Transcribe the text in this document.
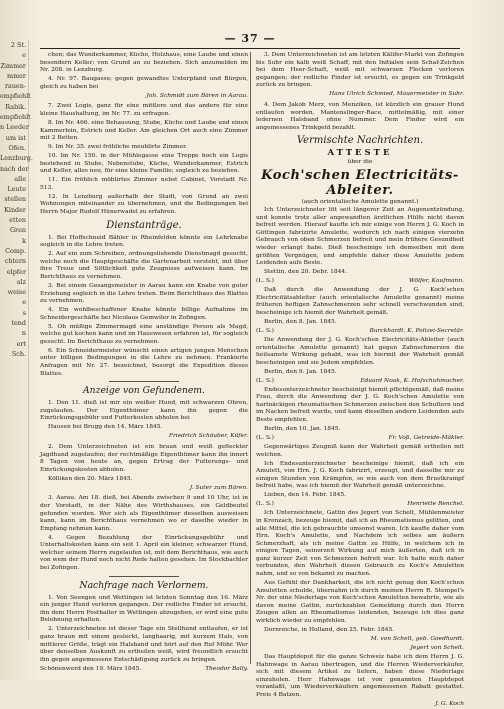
2 St.
e
Zimmer
mmer
rauen-
empfiehlt
Rabik.
empfiehlt
n Leeder
um ist
Ofen.
Lenzburg.
nach der
alle
Leute
stellen
Kinder
etten
Gren
k
Comp.
chtern
elpfer
alz
weise
e
s
tend
n
ert
Sch.
— 37 —

chen; das Wunderkammer, Küche, Holzhaus, eine Laube und einen besondern Keller; von Grund an zu beziehen. Sich anzumelden im Nr. 208. in Lenzburg.

4. Nr. 97. Baugasse; gegen gewandtes Unterpfand und Bürgen, gleich zu haben bei

Joh. Schmidt zum Bären in Aarau.

7. Zwei Logis, ganz für eine mittlere und das andere für eine kleine Haushaltung, im Nr. 77. zu erfragen.

8. Im Nr. 466. eine Behausung, Stube, Küche und Laube und einen Kammerlein, Estrich und Keller. Am gleichen Ort auch eine Zimmer mit 2 Betten.

9. Im Nr. 35. zwei fröhliche meublirte Zimmer.

10. Im Nr. 150. in der Mühlegasse eine Treppe hoch ein Logis bestehend in Stube, Nebenstube, Küche, Wunderkammer, Estrich und Keller, alles neu, für eine kleine Familie; sogleich zu beziehen.

11. Ein fröhlich möblirtes Zimmer nebst Cabinet, Vorstadt Nr. 513.

12. In Lenzburg außerhalb der Stadt, von Grund an zwei Wohnungen miteinander zu übernehmen, und die Bedingungen bei Herrn Major Rudolf Hünerwadel zu erfahren.

Dienstanträge.

1. Bei Hoffschneid Bähler in Rheinfelden könnte ein Lehrknabe sogleich in die Lehre treten.

2. Auf ein zum Schreiben, ordnungsliebende Dienstmagd gesucht, welche noch die Hauptgeschäfte die Gartenarbeit versteht, mit über ihre Treue und Sittlichkeit gute Zeugnisse aufweisen kann. Im Berichthaus zu vernehmen.

3. Bei einem Gesangsmeister in Aarau kann ein Knabe von guter Erziehung sogleich in die Lehre treten. Beim Berichthaus des Blattes zu vernehmen.

4. Ein wohlbeschaffener Knabe könnte billige Aufnahme im Schneidergeschäfte bei Nicolaus Gemwiler in Zofingen.

5. Ob müßige Zimmermagd eine anständige Person als Magd, welche gut kochen kann und im Hauswesen erfahren ist, für sogleich gesucht. Im Berichthaus zu vernehmen.

6. Ein Schneidermeister wünscht einen artigen jungen Menschen unter billigen Bedingungen in die Lehre zu nehmen. Frankierte Anfragen mit Nr. 27. bezeichnet, besorgt die Expedition dieses Blattes.

Anzeige von Gefundenem.

1. Den 11. dieß ist mir ein weißer Hund, mit schwarzen Ohren, zugelaufen. Der Eigenthümer kann ihn gegen die Einrückungsgebühr und Futterkosten abholen bei

Hausen bei Brugg den 14. März 1845.

Friedrich Schäuber, Küfer.

2. Dem Unterzeichneten ist ein braun und weiß gefleckter Jagdhund zugelaufen; der rechtmäßige Eigenthümer kann ihn innert 8 Tagen von heute an, gegen Ertrag der Futterungs- und Einrückungskosten abholen.

Kölliken den 20. März 1845.

J. Suter zum Bären.

3. Aarau. Am 18. dieß, bei Abends zwischen 9 und 10 Uhr, ist in der Vorstadt, in der Nähe des Wirthshauses, ein Geldbeutel gefunden worden. Wer sich als Eigenthümer desselben ausweisen kann, kann im Berichthaus vernehmen wo er daselbe wieder in Empfang nehmen kann.

4. Gegen Bezahlung der Einrückungsgebühr und Unterhaltskosten kann ein seit 1. April ein kleiner, schwarzer Hund, welcher seinem Herrn zugelaufen ist, mit dem Berichthaus, wie auch von wem der Hund noch nicht Rede halten gesehen. Im Stockbachler bei Zofingen.

Nachfrage nach Verlornem.

1. Von Seengen und Wettingen ist letzten Sonntag den 16. März ein junger Hund verloren gegangen. Der redliche Finder ist ersucht, ihn dem Herrn Posthalter in Wettingen abzugeben, er wird eine gute Belohnung erhalten.

2. Unterzeichneten ist dieser Tage ein Stellhund entlaufen, er ist ganz braun mit einem gesleckt, langhaarig, mit kurzem Hals, von mittlerer Größe, trägt ein Halsband und hört auf den Ruf Möhr. Wer über denselben Auskunft zu ertheilen weiß, wird freundlich ersucht ihn gegen angemessene Entschädigung zurück zu bringen.

Schönenwerd den 19. März 1845.	Theodor Bally.

3. Dem Unterzeichneten ist am letzten Kälifer-Markt von Zofingen bis Suhr ein kalb weiß Schaff, mit den Initialen sein Schaf-Zeichen bei dem Heer-Schaft, weiß mit schwarzen Flecken verloren gegangen; der redliche Finder ist ersucht, es gegen ein Trinkgeld zurück zu bringen.

Hans Ulrich Schmied, Mauermeister in Suhr.

4. Dem Jakob Merz, von Menziken, ist kürzlich ein grauer Hund entlaufen worden, Mantenslinger-Race, mittelmäßig, mit einer ledernen Halsband ohne Nummer. Dem Finder wird ein angemessenes Trinkgeld bezahlt.

Vermischte Nachrichten.
ATTESTE
über die
Koch'schen Electricitäts-Ableiter.
(auch orientalische Amulette genannt.)

Ich Unterzeichneter litt seit längerer Zeit an Augenentzündung, und konnte trotz aller angewandten ärztlichen Hülfe nicht davon befreit werden. Hierauf kaufte ich mir einige von Herrn J. G. Koch in Göttingen fabrizirte Amulette, wodurch ich nach einigen vierzehn Gebrauch von oben Schmerzen befreit und mein frühere Gesundheit wieder erlangt habe. Dieß bescheinige ich demselben mit dem größten Vergnügen, und empfehle daher diese Amulette jedem Leidenden aufs Beste.

Stettin, den 20. Debr. 1844.

(L. S.)	Wölfer, Kaufmann.

Daß durch die Anwendung der J. G. Koch'schen Electricitätsableiter (auch orientalische Amulette genannt) meine früheren heftigen Zahnschmerzen sehr schnell verschwunden sind, bescheinige ich hiemit der Wahrheit gemäß.

Berlin, den 8. Jan. 1845.

(L. S.)	Burckhardt, K. Polizei-Secretär.

Die Anwendung der J. G. Koch'schen Electricitäts-Ableiter (auch orientalische Amulette genannt) hat gegen Zahnschmerzen die heilsamste Wirkung gehabt, was ich hiermit der Wahrheit gemäß bescheinigen und sie Jedem empfehlen.

Berlin, den 9. Jan. 1845.

(L. S.)	Eduard Noak, K. Hofschuhmacher.

Endesunterzeichneter bescheinigt hiemit pflichtgemäß, daß meine Frau, durch die Anwendung der J. G. Koch'schen Amulette von hartnäckigen rheumatischen Schmerzen zwischen den Schultern und im Nacken befreit wurde, und kann dieselben andern Leidenden aufs Beste empfehlen.

Berlin, den 10. Jan. 1845.

(L. S.)	Fr. Voß, Getreide-Mäkler.

Gegenwärtiges Zeugniß kann der Wahrheit gemäß ertheilen mit welchen.

Ich Endesunterzeichneter bescheinige hiemit, daß ich ein Amulett, von Hrn. J. G. Koch fabrizirt, erzeugt, und dasselbe mir zu einigen Stunden von Krämpfen, so wie auch von dem Brustkrampf befreit habe, was ich hiemit der Wahrheit gemäß unterzeichne.

Lieben, den 14. Febr. 1845.

(L. S.)	Henriette Renchel.

Ich Unterzeichnete, Gattin des Jegert von Schelt, Mühlenmeister in Krenzach, bezeuge hiemit, daß ich an Rheumatismus gelitten, und alle Mittel, die ich gebrauchte umsonst waren. Ich kaufte daher vom Hrn. Koch's Amulette, und Nachdem ich selbes am äußern Schmerzhaft, als ich meine Gattin zu Hülfe, in welchem ich in einigen Tagen, seinerzeit Wirkung auf mich äußerten, daß ich in ganz kurzer Zeit von Schmerzen befreit war. Ich halte mich daher verbunden, den Wahrheit diesen Gebrauch zu Koch's Amuletten nahm, und so von bekannt zu machen.

Aus Gefühl der Dankbarkeit, die ich nicht genug den Koch'schen Amuletten schulde, übernahm ich durch meinen Herrn R. Stempel's Nr. der eine Niederlage von Koch'schen Amuletten bewahrte, wie als davon meine Gattin, zurückzahlen Gemeldung durch den Herrn Zeugen allen an Rheumatismus leidenden, bezeuge ich dies ganz wirklich wieder zu empfehlen.

Dornreiche, in Holland, den 25. Febr. 1845.

M. von Schelt, geb. Goedhardt.

Jegert von Schelt.

Das Hauptdepot für die ganze Schweiz habe ich dem Herrn J. G. Hahnwage in Aarau übertragen, und die Herren Wiederverkäufer, sich mit diesem Artikel zu liefern, haben diese Niederlage einzuholen. Herr Hahnwage ist von genannten Hauptdepot veranlaßt, um Wiederverkäufern angemessenen Rabatt gestattet. Preis 4 Batzen.

J. G. Koch
